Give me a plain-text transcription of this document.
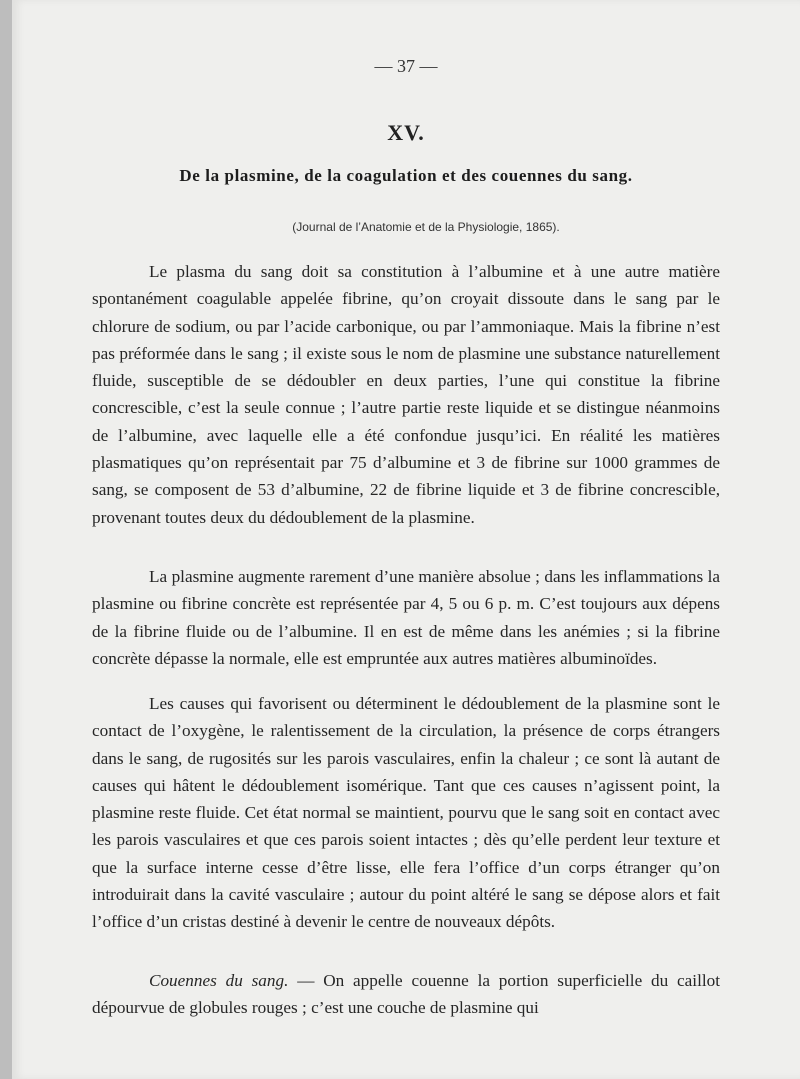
— 37 —
XV.
De la plasmine, de la coagulation et des couennes du sang.
(Journal de l’Anatomie et de la Physiologie, 1865).

Le plasma du sang doit sa constitution à l’albumine et à une autre matière spontanément coagulable appelée fibrine, qu’on croyait dissoute dans le sang par le chlorure de sodium, ou par l’acide carbonique, ou par l’ammoniaque. Mais la fibrine n’est pas préformée dans le sang ; il existe sous le nom de plasmine une substance naturellement fluide, susceptible de se dédoubler en deux parties, l’une qui constitue la fibrine concrescible, c’est la seule connue ; l’autre partie reste liquide et se distingue néanmoins de l’albumine, avec laquelle elle a été confondue jusqu’ici. En réalité les matières plasmatiques qu’on représentait par 75 d’albumine et 3 de fibrine sur 1000 grammes de sang, se composent de 53 d’albumine, 22 de fibrine liquide et 3 de fibrine concrescible, provenant toutes deux du dédoublement de la plasmine.

La plasmine augmente rarement d’une manière absolue ; dans les inflammations la plasmine ou fibrine concrète est représentée par 4, 5 ou 6 p. m. C’est toujours aux dépens de la fibrine fluide ou de l’albumine. Il en est de même dans les anémies ; si la fibrine concrète dépasse la normale, elle est empruntée aux autres matières albuminoïdes.

Les causes qui favorisent ou déterminent le dédoublement de la plasmine sont le contact de l’oxygène, le ralentissement de la circulation, la présence de corps étrangers dans le sang, de rugosités sur les parois vasculaires, enfin la chaleur ; ce sont là autant de causes qui hâtent le dédoublement isomérique. Tant que ces causes n’agissent point, la plasmine reste fluide. Cet état normal se maintient, pourvu que le sang soit en contact avec les parois vasculaires et que ces parois soient intactes ; dès qu’elle perdent leur texture et que la surface interne cesse d’être lisse, elle fera l’office d’un corps étranger qu’on introduirait dans la cavité vasculaire ; autour du point altéré le sang se dépose alors et fait l’office d’un cristas destiné à devenir le centre de nouveaux dépôts.

Couennes du sang. — On appelle couenne la portion superficielle du caillot dépourvue de globules rouges ; c’est une couche de plasmine qui
